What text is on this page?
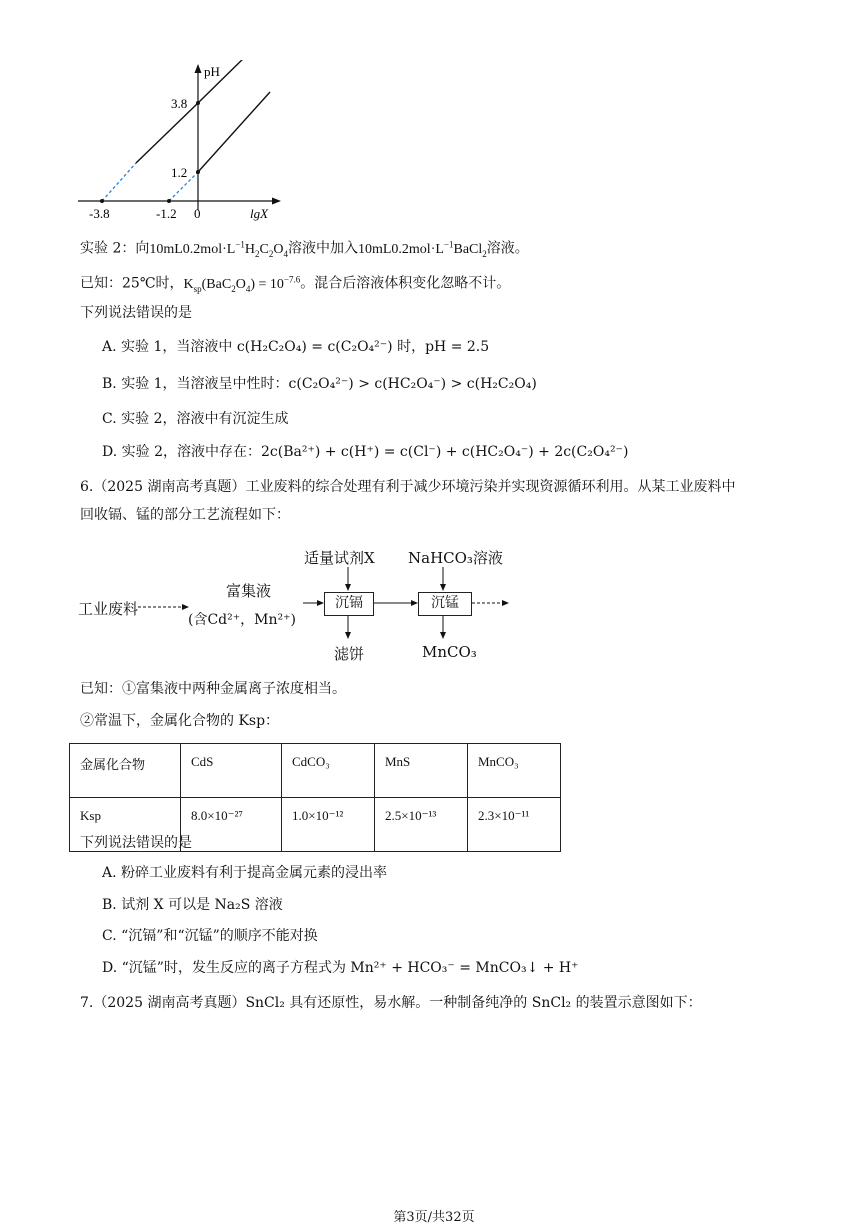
pH
lgX
3.8
1.2
-3.8	-1.2 0
实验 2：向$10mL0.2mol\cdot L^{-1}H_2C_2O_4$溶液中加入$10mL0.2mol\cdot L^{-1}BaCl_2$溶液。
已知：25℃时，$K_{sp}(BaC_2O_4) = 10^{-7.6}$。混合后溶液体积变化忽略不计。
下列说法错误的是
A. 实验 1，当溶液中 c(H₂C₂O₄) = c(C₂O₄²⁻) 时，pH = 2.5
B. 实验 1，当溶液呈中性时：c(C₂O₄²⁻) > c(HC₂O₄⁻) > c(H₂C₂O₄)
C. 实验 2，溶液中有沉淀生成
D. 实验 2，溶液中存在：2c(Ba²⁺) + c(H⁺) = c(Cl⁻) + c(HC₂O₄⁻) + 2c(C₂O₄²⁻)
6.（2025 湖南高考真题）工业废料的综合处理有利于减少环境污染并实现资源循环利用。从某工业废料中
回收镉、锰的部分工艺流程如下：
工业废料
富集液
(含Cd²⁺，Mn²⁺)
适量试剂X NaHCO₃溶液
沉镉	沉锰
滤饼	MnCO₃
已知：①富集液中两种金属离子浓度相当。
②常温下，金属化合物的 Ksp：
金属化合物	CdS	CdCO₃	MnS	MnCO₃
Ksp	8.0×10⁻²⁷	1.0×10⁻¹²	2.5×10⁻¹³	2.3×10⁻¹¹
下列说法错误的是
A. 粉碎工业废料有利于提高金属元素的浸出率
B. 试剂 X 可以是 Na₂S 溶液
C. “沉镉”和“沉锰”的顺序不能对换
D. “沉锰”时，发生反应的离子方程式为 Mn²⁺ + HCO₃⁻ = MnCO₃↓ + H⁺
7.（2025 湖南高考真题）SnCl₂ 具有还原性，易水解。一种制备纯净的 SnCl₂ 的装置示意图如下：
第3页/共32页
